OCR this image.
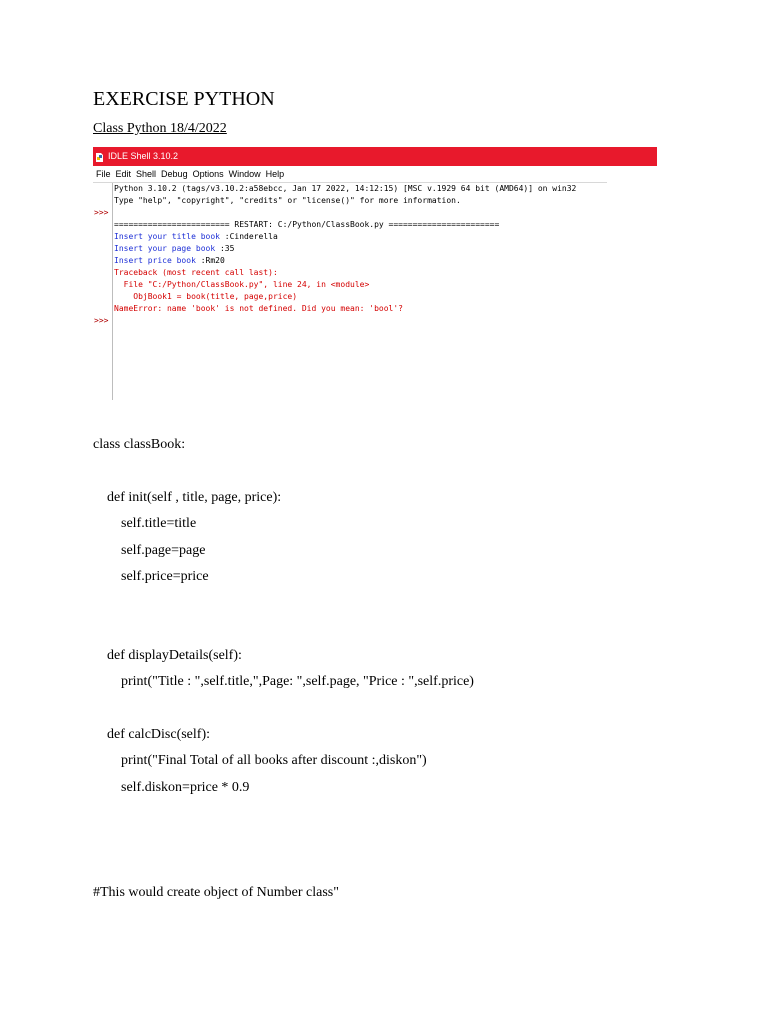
EXERCISE PYTHON
Class Python 18/4/2022
IDLE Shell 3.10.2
File Edit Shell Debug Options Window Help
>>>
>>>
Python 3.10.2 (tags/v3.10.2:a58ebcc, Jan 17 2022, 14:12:15) [MSC v.1929 64 bit (AMD64)] on win32
Type "help", "copyright", "credits" or "license()" for more information.
======================== RESTART: C:/Python/ClassBook.py =======================
Insert your title book :Cinderella
Insert your page book :35
Insert price book :Rm20
Traceback (most recent call last):
File "C:/Python/ClassBook.py", line 24, in <module>
ObjBook1 = book(title, page,price)
NameError: name 'book' is not defined. Did you mean: 'bool'?
class classBook:
def init(self , title, page, price):
self.title=title
self.page=page
self.price=price
def displayDetails(self):
print("Title : ",self.title,",Page: ",self.page, "Price : ",self.price)
def calcDisc(self):
print("Final Total of all books after discount :,diskon")
self.diskon=price * 0.9
#This would create object of Number class"
